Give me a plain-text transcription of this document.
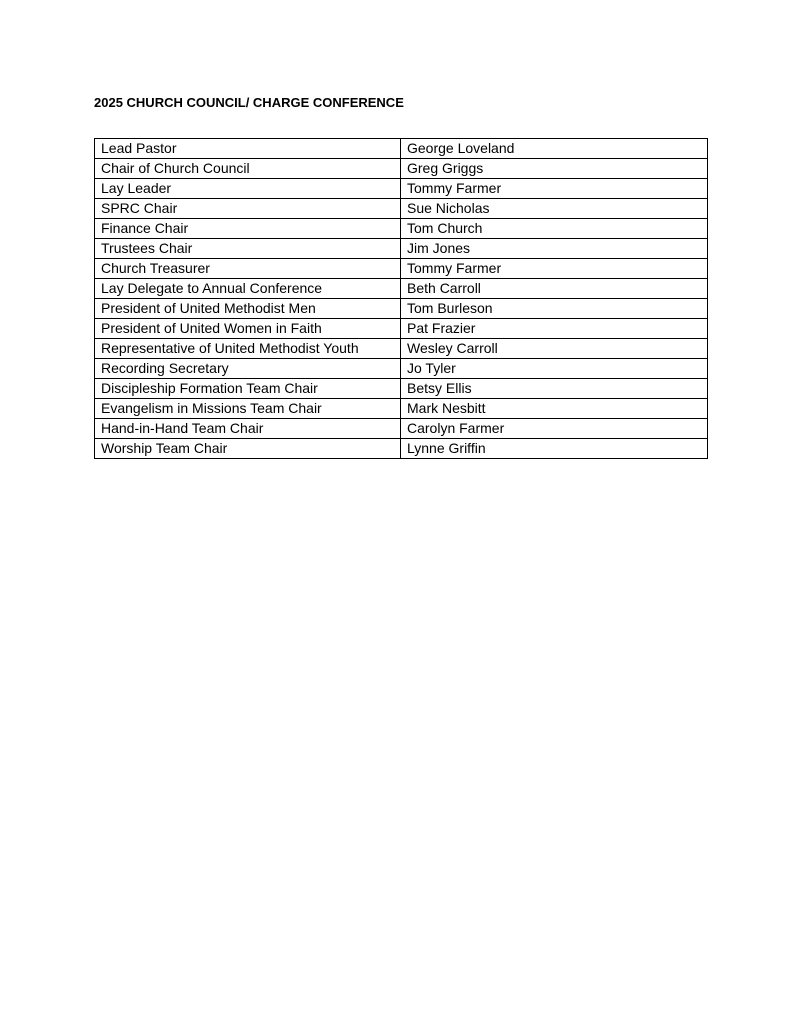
2025 CHURCH COUNCIL/ CHARGE CONFERENCE
Lead Pastor	George Loveland
Chair of Church Council	Greg Griggs
Lay Leader	Tommy Farmer
SPRC Chair	Sue Nicholas
Finance Chair	Tom Church
Trustees Chair	Jim Jones
Church Treasurer	Tommy Farmer
Lay Delegate to Annual Conference	Beth Carroll
President of United Methodist Men	Tom Burleson
President of United Women in Faith	Pat Frazier
Representative of United Methodist Youth	Wesley Carroll
Recording Secretary	Jo Tyler
Discipleship Formation Team Chair	Betsy Ellis
Evangelism in Missions Team Chair	Mark Nesbitt
Hand-in-Hand Team Chair	Carolyn Farmer
Worship Team Chair	Lynne Griffin
